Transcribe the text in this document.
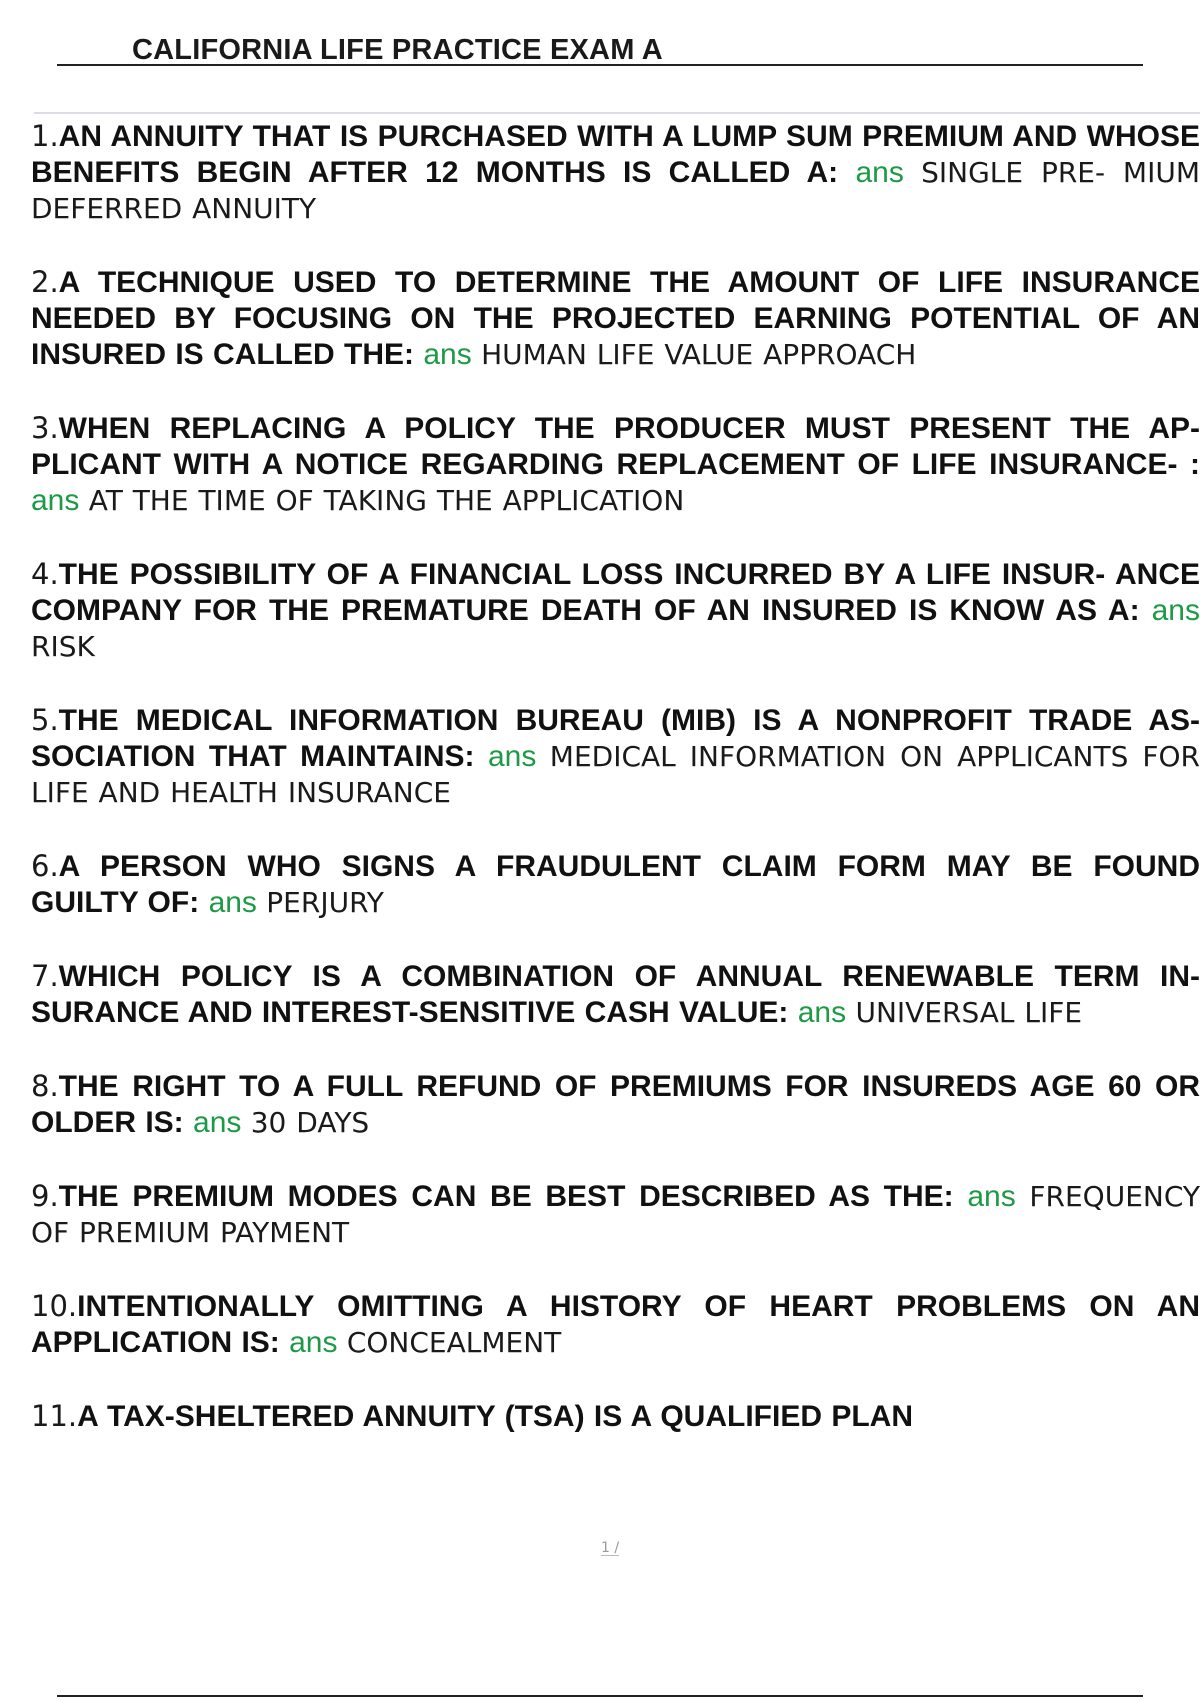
CALIFORNIA LIFE PRACTICE EXAM A
1.AN ANNUITY THAT IS PURCHASED WITH A LUMP SUM PREMIUM AND WHOSE BENEFITS BEGIN AFTER 12 MONTHS IS CALLED A: ans SINGLE PRE- MIUM DEFERRED ANNUITY
2.A TECHNIQUE USED TO DETERMINE THE AMOUNT OF LIFE INSURANCE NEEDED BY FOCUSING ON THE PROJECTED EARNING POTENTIAL OF AN INSURED IS CALLED THE: ans HUMAN LIFE VALUE APPROACH
3.WHEN REPLACING A POLICY THE PRODUCER MUST PRESENT THE AP- PLICANT WITH A NOTICE REGARDING REPLACEMENT OF LIFE INSURANCE- : ans AT THE TIME OF TAKING THE APPLICATION
4.THE POSSIBILITY OF A FINANCIAL LOSS INCURRED BY A LIFE INSUR- ANCE COMPANY FOR THE PREMATURE DEATH OF AN INSURED IS KNOW AS A: ans RISK
5.THE MEDICAL INFORMATION BUREAU (MIB) IS A NONPROFIT TRADE AS- SOCIATION THAT MAINTAINS: ans MEDICAL INFORMATION ON APPLICANTS FOR LIFE AND HEALTH INSURANCE
6.A PERSON WHO SIGNS A FRAUDULENT CLAIM FORM MAY BE FOUND GUILTY OF: ans PERJURY
7.WHICH POLICY IS A COMBINATION OF ANNUAL RENEWABLE TERM IN- SURANCE AND INTEREST-SENSITIVE CASH VALUE: ans UNIVERSAL LIFE
8.THE RIGHT TO A FULL REFUND OF PREMIUMS FOR INSUREDS AGE 60 OR OLDER IS: ans 30 DAYS
9.THE PREMIUM MODES CAN BE BEST DESCRIBED AS THE: ans FREQUENCY OF PREMIUM PAYMENT
10.INTENTIONALLY OMITTING A HISTORY OF HEART PROBLEMS ON AN APPLICATION IS: ans CONCEALMENT
11.A TAX-SHELTERED ANNUITY (TSA) IS A QUALIFIED PLAN
1 /
